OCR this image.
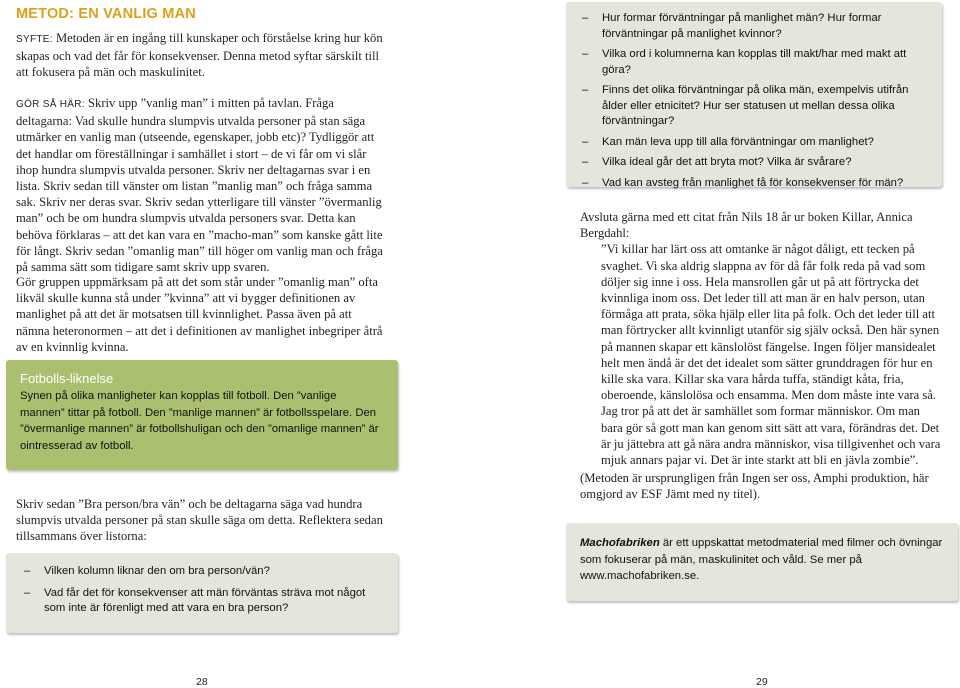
METOD: EN VANLIG MAN

SYFTE: Metoden är en ingång till kunskaper och förståelse kring hur kön skapas och vad det får för konsekvenser. Denna metod syftar särskilt till att fokusera på män och maskulinitet.

GÖR SÅ HÄR: Skriv upp ”vanlig man” i mitten på tavlan. Fråga deltagarna: Vad skulle hundra slumpvis utvalda personer på stan säga utmärker en vanlig man (utseende, egenskaper, jobb etc)? Tydliggör att det handlar om föreställningar i samhället i stort – de vi får om vi slår ihop hundra slumpvis utvalda personer. Skriv ner deltagarnas svar i en lista. Skriv sedan till vänster om listan ”manlig man” och fråga samma sak. Skriv ner deras svar. Skriv sedan ytterligare till vänster ”övermanlig man” och be om hundra slumpvis utvalda personers svar. Detta kan behöva förklaras – att det kan vara en ”macho-man” som kanske gått lite för långt. Skriv sedan ”omanlig man” till höger om vanlig man och fråga på samma sätt som tidigare samt skriv upp svaren.

Gör gruppen uppmärksam på att det som står under ”omanlig man” ofta likväl skulle kunna stå under ”kvinna” att vi bygger definitionen av manlighet på att det är motsatsen till kvinnlighet. Passa även på att nämna heteronormen – att det i definitionen av manlighet inbegriper åtrå av en kvinnlig kvinna.

Fotbolls-liknelse

Synen på olika manligheter kan kopplas till fotboll. Den ”vanlige mannen” tittar på fotboll. Den ”manlige mannen” är fotbollsspelare. Den ”övermanlige mannen” är fotbollshuligan och den ”omanlige mannen” är ointresserad av fotboll.

Skriv sedan ”Bra person/bra vän” och be deltagarna säga vad hundra slumpvis utvalda personer på stan skulle säga om detta. Reflektera sedan tillsammans över listorna:

– Vilken kolumn liknar den om bra person/vän?
– Vad får det för konsekvenser att män förväntas sträva mot något som inte är förenligt med att vara en bra person?
28
– Hur formar förväntningar på manlighet män? Hur formar förväntningar på manlighet kvinnor?
– Vilka ord i kolumnerna kan kopplas till makt/har med makt att göra?
– Finns det olika förväntningar på olika män, exempelvis utifrån ålder eller etnicitet? Hur ser statusen ut mellan dessa olika förväntningar?
– Kan män leva upp till alla förväntningar om manlighet?
– Vilka ideal går det att bryta mot? Vilka är svårare?
– Vad kan avsteg från manlighet få för konsekvenser för män?

Avsluta gärna med ett citat från Nils 18 år ur boken Killar, Annica Bergdahl:

”Vi killar har lärt oss att omtanke är något dåligt, ett tecken på svaghet. Vi ska aldrig slappna av för då får folk reda på vad som döljer sig inne i oss. Hela mansrollen går ut på att förtrycka det kvinnliga inom oss. Det leder till att man är en halv person, utan förmåga att prata, söka hjälp eller lita på folk. Och det leder till att man förtrycker allt kvinnligt utanför sig själv också. Den här synen på mannen skapar ett känslolöst fängelse. Ingen följer mansidealet helt men ändå är det det idealet som sätter grunddragen för hur en kille ska vara. Killar ska vara hårda tuffa, ständigt kåta, fria, oberoende, känslolösa och ensamma. Men dom måste inte vara så. Jag tror på att det är samhället som formar människor. Om man bara gör så gott man kan genom sitt sätt att vara, förändras det. Det är ju jättebra att gå nära andra människor, visa tillgivenhet och vara mjuk annars pajar vi. Det är inte starkt att bli en jävla zombie”.

(Metoden är ursprungligen från Ingen ser oss, Amphi produktion, här omgjord av ESF Jämt med ny titel).

Machofabriken är ett uppskattat metodmaterial med filmer och övningar som fokuserar på män, maskulinitet och våld. Se mer på www.machofabriken.se.

29
